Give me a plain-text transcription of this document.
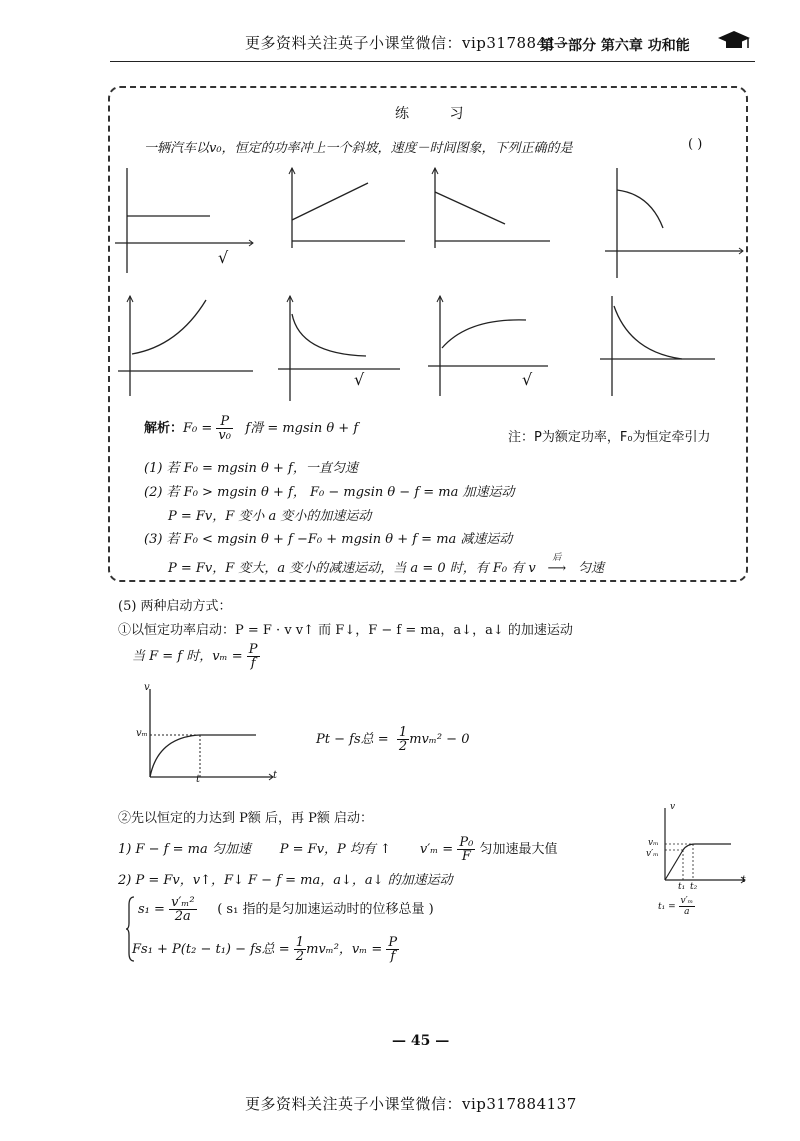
更多资料关注英子小课堂微信：vip31788413
第一部分 第六章 功和能
练 习
一辆汽车以v₀，恒定的功率冲上一个斜坡，速度－时间图象，下列正确的是	( )
√
√	√
解析：$F_0 = \frac{P}{\text{v₀}}$ f滑 = mgsin θ + f
注：P为额定功率，F₀为恒定牵引力
(1) 若 F₀ = mgsin θ + f，一直匀速
(2) 若 F₀ > mgsin θ + f， F₀ − mgsin θ − f = ma 加速运动
P = Fv，F 变小 a 变小的加速运动
(3) 若 F₀ < mgsin θ + f −F₀ + mgsin θ + f = ma 减速运动
P = Fv，F 变大，a 变小的减速运动，当 a = 0 时，有 F₀ 有 v
后
⟶ 匀速
(5) 两种启动方式：
①以恒定功率启动：P = F · v v↑ 而 F↓，F − f = ma，a↓，a↓ 的加速运动
当 F = f 时，$v_m = \frac{P}{f}$
v
vₘ
t
t
Pt − fs总 = $\frac{1}{2} mv_m^2 - 0$
②先以恒定的力达到 P额 后，再 P额 启动：
1) F − f = ma 匀加速 P = Fv，P 均有 ↑ $v'_m = \frac{\text{P₀}}{F}$ 匀加速最大值
2) P = Fv，v↑，F↓ F − f = ma，a↓，a↓ 的加速运动
$s_1 = \frac{\text{v′ₘ²}}{2a}$ ( s₁ 指的是匀加速运动时的位移总量 )
Fs₁ + P(t₂ − t₁) − fs总 = $\frac{1}{2} mv_m^2$，$v_m = \frac{P}{f}$
v
vₘ
v′ₘ
t
t₁ t₂
$t_1 = \frac{\text{v′ₘ}}{a}$
— 45 —
更多资料关注英子小课堂微信：vip317884137
